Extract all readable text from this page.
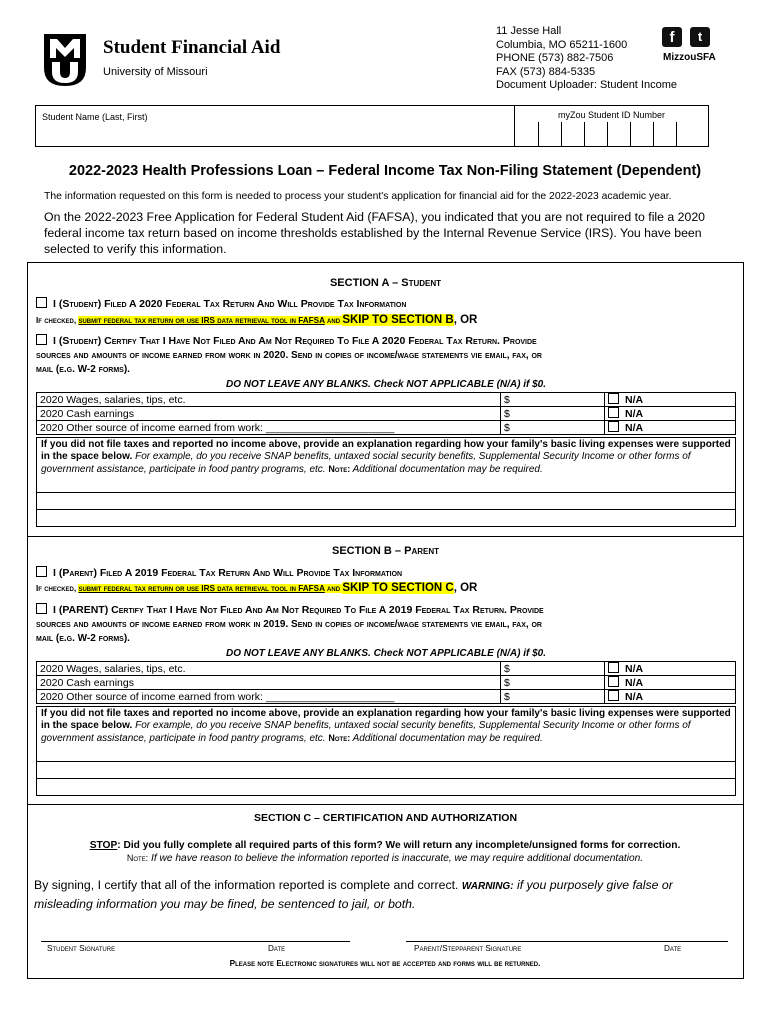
Student Financial Aid
University of Missouri
11 Jesse Hall
Columbia, MO 65211-1600
PHONE (573) 882-7506
FAX (573) 884-5335
Document Uploader: Student Income
f	t
MizzouSFA
Student Name (Last, First)	myZou Student ID Number
2022-2023 Health Professions Loan – Federal Income Tax Non-Filing Statement (Dependent)
The information requested on this form is needed to process your student's application for financial aid for the 2022-2023 academic year.
On the 2022-2023 Free Application for Federal Student Aid (FAFSA), you indicated that you are not required to file a 2020 federal income tax return based on income thresholds established by the Internal Revenue Service (IRS). You have been selected to verify this information.
SECTION A – Student
I (Student) Filed A 2020 Federal Tax Return And Will Provide Tax Information
If checked, submit federal tax return or use IRS data retrieval tool in FAFSA and SKIP TO SECTION B, OR
I (Student) Certify That I Have Not Filed And Am Not Required To File A 2020 Federal Tax Return. Provide
sources and amounts of income earned from work in 2020. Send in copies of income/wage statements vie email, fax, or
mail (e.g. W-2 forms).
DO NOT LEAVE ANY BLANKS. Check NOT APPLICABLE (N/A) if $0.
2020 Wages, salaries, tips, etc.	$	N/A
2020 Cash earnings	$	N/A
2020 Other source of income earned from work: ______________________	$	N/A
If you did not file taxes and reported no income above, provide an explanation regarding how your family's basic living expenses were supported in the space below. For example, do you receive SNAP benefits, untaxed social security benefits, Supplemental Security Income or other forms of government assistance, participate in food pantry programs, etc. Note: Additional documentation may be required.
SECTION B – Parent
I (Parent) Filed A 2019 Federal Tax Return And Will Provide Tax Information
If checked, submit federal tax return or use IRS data retrieval tool in FAFSA and SKIP TO SECTION C, OR
I (PARENT) Certify That I Have Not Filed And Am Not Required To File A 2019 Federal Tax Return. Provide
sources and amounts of income earned from work in 2019. Send in copies of income/wage statements vie email, fax, or
mail (e.g. W-2 forms).
DO NOT LEAVE ANY BLANKS. Check NOT APPLICABLE (N/A) if $0.
2020 Wages, salaries, tips, etc.	$	N/A
2020 Cash earnings	$	N/A
2020 Other source of income earned from work: ______________________	$	N/A
If you did not file taxes and reported no income above, provide an explanation regarding how your family's basic living expenses were supported in the space below. For example, do you receive SNAP benefits, untaxed social security benefits, Supplemental Security Income or other forms of government assistance, participate in food pantry programs, etc. Note: Additional documentation may be required.
SECTION C – CERTIFICATION AND AUTHORIZATION
STOP: Did you fully complete all required parts of this form? We will return any incomplete/unsigned forms for correction.
Note: If we have reason to believe the information reported is inaccurate, we may require additional documentation.
By signing, I certify that all of the information reported is complete and correct. WARNING: if you purposely give false or misleading information you may be fined, be sentenced to jail, or both.
Student Signature	Date	Parent/Stepparent Signature	Date
Please note Electronic signatures will not be accepted and forms will be returned.
